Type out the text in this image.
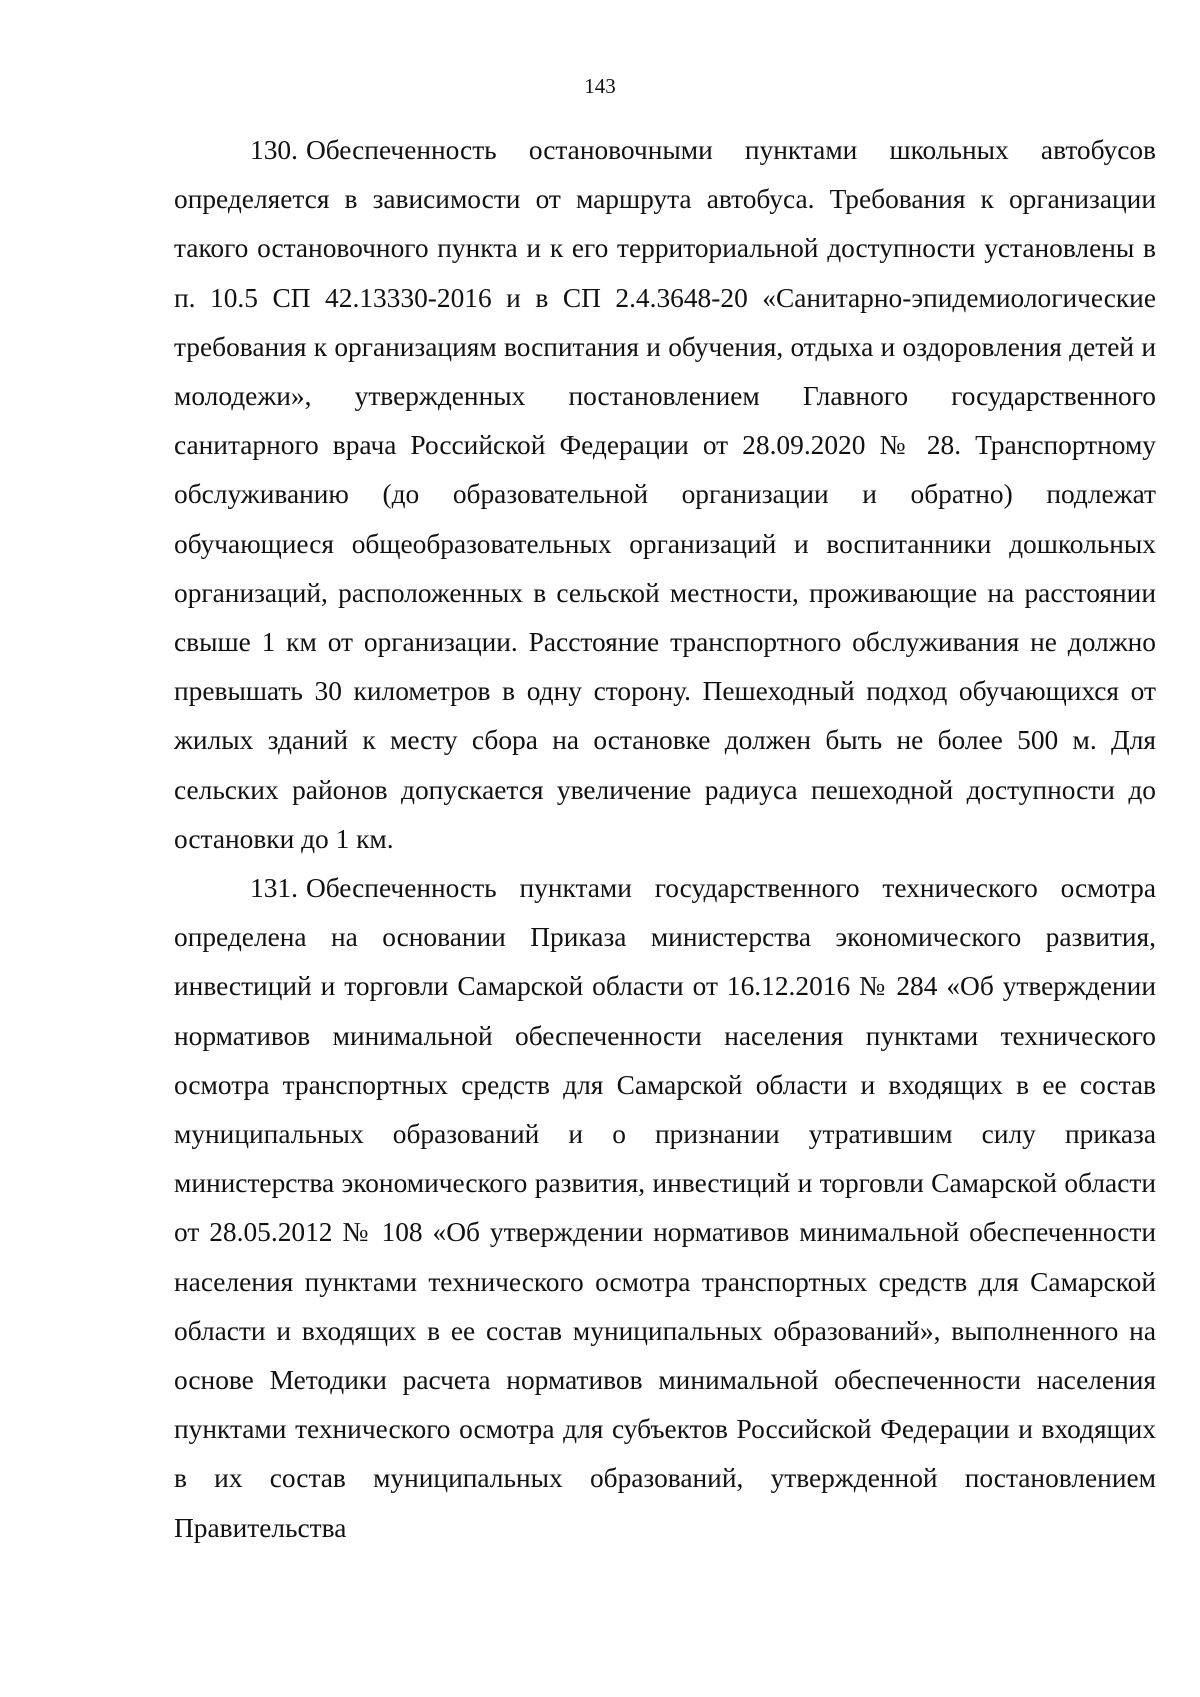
143

130. Обеспеченность остановочными пунктами школьных автобусов определяется в зависимости от маршрута автобуса. Требования к организации такого остановочного пункта и к его территориальной доступности установлены в п. 10.5 СП 42.13330-2016 и в СП 2.4.3648-20 «Санитарно-эпидемиологические требования к организациям воспитания и обучения, отдыха и оздоровления детей и молодежи», утвержденных постановлением Главного государственного санитарного врача Российской Федерации от 28.09.2020 № 28. Транспортному обслуживанию (до образовательной организации и обратно) подлежат обучающиеся общеобразовательных организаций и воспитанники дошкольных организаций, расположенных в сельской местности, проживающие на расстоянии свыше 1 км от организации. Расстояние транспортного обслуживания не должно превышать 30 километров в одну сторону. Пешеходный подход обучающихся от жилых зданий к месту сбора на остановке должен быть не более 500 м. Для сельских районов допускается увеличение радиуса пешеходной доступности до остановки до 1 км.

131. Обеспеченность пунктами государственного технического осмотра определена на основании Приказа министерства экономического развития, инвестиций и торговли Самарской области от 16.12.2016 № 284 «Об утверждении нормативов минимальной обеспеченности населения пунктами технического осмотра транспортных средств для Самарской области и входящих в ее состав муниципальных образований и о признании утратившим силу приказа министерства экономического развития, инвестиций и торговли Самарской области от 28.05.2012 № 108 «Об утверждении нормативов минимальной обеспеченности населения пунктами технического осмотра транспортных средств для Самарской области и входящих в ее состав муниципальных образований», выполненного на основе Методики расчета нормативов минимальной обеспеченности населения пунктами технического осмотра для субъектов Российской Федерации и входящих в их состав муниципальных образований, утвержденной постановлением Правительства
